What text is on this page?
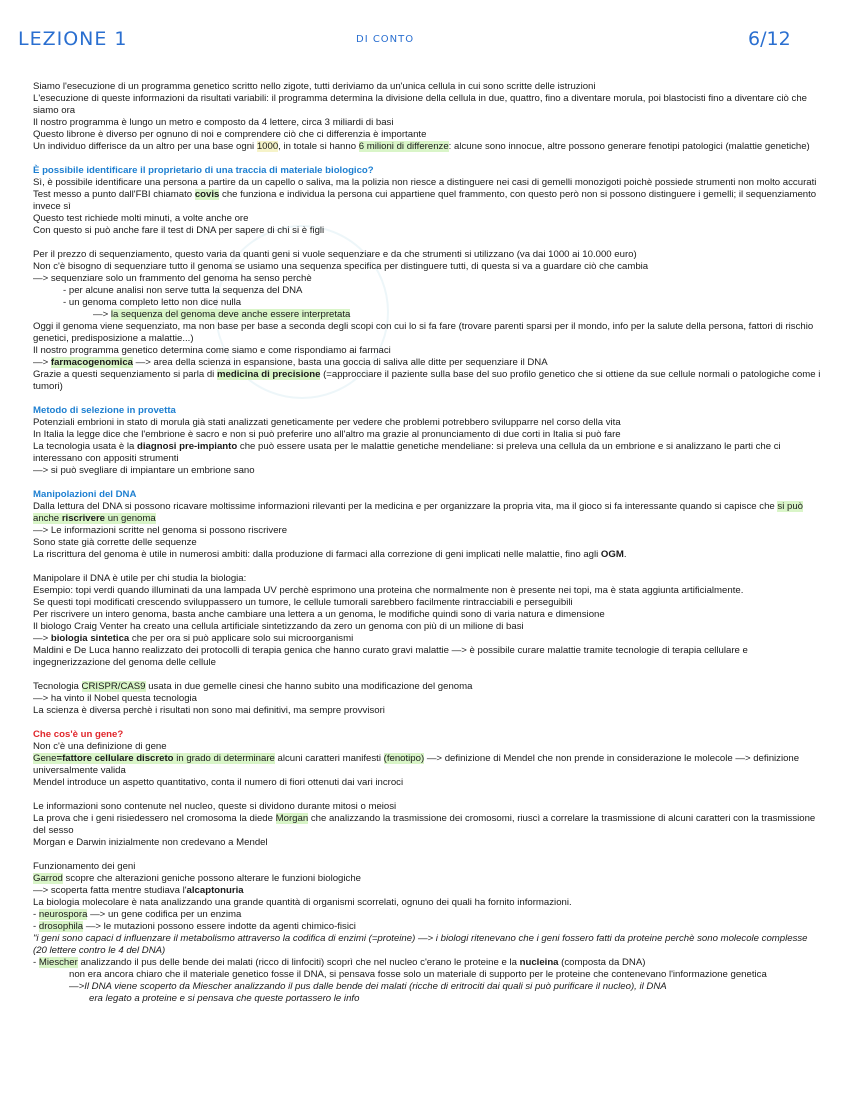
LEZIONE 1	DI CONTO	6/12

Siamo l'esecuzione di un programma genetico scritto nello zigote, tutti deriviamo da un'unica cellula in cui sono scritte delle istruzioni

L'esecuzione di queste informazioni da risultati variabili: il programma determina la divisione della cellula in due, quattro, fino a diventare morula, poi blastocisti fino a diventare ciò che siamo ora

Il nostro programma è lungo un metro e composto da 4 lettere, circa 3 miliardi di basi

Questo librone è diverso per ognuno di noi e comprendere ciò che ci differenzia è importante

Un individuo differisce da un altro per una base ogni 1000, in totale si hanno 6 milioni di differenze: alcune sono innocue, altre possono generare fenotipi patologici (malattie genetiche)

È possibile identificare il proprietario di una traccia di materiale biologico?

Sì, è possibile identificare una persona a partire da un capello o saliva, ma la polizia non riesce a distinguere nei casi di gemelli monozigoti poichè possiede strumenti non molto accurati

Test messo a punto dall'FBI chiamato covis che funziona e individua la persona cui appartiene quel frammento, con questo però non si possono distinguere i gemelli; il sequenziamento invece sì

Questo test richiede molti minuti, a volte anche ore

Con questo si può anche fare il test di DNA per sapere di chi si è figli

Per il prezzo di sequenziamento, questo varia da quanti geni si vuole sequenziare e da che strumenti si utilizzano (va dai 1000 ai 10.000 euro)

Non c'è bisogno di sequenziare tutto il genoma se usiamo una sequenza specifica per distinguere tutti, di questa si va a guardare ciò che cambia

—> sequenziare solo un frammento del genoma ha senso perchè

- per alcune analisi non serve tutta la sequenza del DNA

- un genoma completo letto non dice nulla

—> la sequenza del genoma deve anche essere interpretata

Oggi il genoma viene sequenziato, ma non base per base a seconda degli scopi con cui lo si fa fare (trovare parenti sparsi per il mondo, info per la salute della persona, fattori di rischio genetici, predisposizione a malattie...)

Il nostro programma genetico determina come siamo e come rispondiamo ai farmaci

—> farmacogenomica —> area della scienza in espansione, basta una goccia di saliva alle ditte per sequenziare il DNA

Grazie a questi sequenziamento si parla di medicina di precisione (=approcciare il paziente sulla base del suo profilo genetico che si ottiene da sue cellule normali o patologiche come i tumori)

Metodo di selezione in provetta

Potenziali embrioni in stato di morula già stati analizzati geneticamente per vedere che problemi potrebbero svilupparre nel corso della vita

In Italia la legge dice che l'embrione è sacro e non si può preferire uno all'altro ma grazie al pronunciamento di due corti in Italia si può fare

La tecnologia usata è la diagnosi pre-impianto che può essere usata per le malattie genetiche mendeliane: si preleva una cellula da un embrione e si analizzano le parti che ci interessano con appositi strumenti

—> si può svegliare di impiantare un embrione sano

Manipolazioni del DNA

Dalla lettura del DNA si possono ricavare moltissime informazioni rilevanti per la medicina e per organizzare la propria vita, ma il gioco si fa interessante quando si capisce che si può anche riscrivere un genoma

—> Le informazioni scritte nel genoma si possono riscrivere

Sono state già corrette delle sequenze

La riscrittura del genoma è utile in numerosi ambiti: dalla produzione di farmaci alla correzione di geni implicati nelle malattie, fino agli OGM.

Manipolare il DNA è utile per chi studia la biologia:

Esempio: topi verdi quando illuminati da una lampada UV perchè esprimono una proteina che normalmente non è presente nei topi, ma è stata aggiunta artificialmente.

Se questi topi modificati crescendo sviluppassero un tumore, le cellule tumorali sarebbero facilmente rintracciabili e perseguibili

Per riscrivere un intero genoma, basta anche cambiare una lettera a un genoma, le modifiche quindi sono di varia natura e dimensione

Il biologo Craig Venter ha creato una cellula artificiale sintetizzando da zero un genoma con più di un milione di basi

—> biologia sintetica che per ora si può applicare solo sui microorganismi

Maldini e De Luca hanno realizzato dei protocolli di terapia genica che hanno curato gravi malattie —> è possibile curare malattie tramite tecnologie di terapia cellulare e ingegnerizzazione del genoma delle cellule

Tecnologia CRISPR/CAS9 usata in due gemelle cinesi che hanno subito una modificazione del genoma

—> ha vinto il Nobel questa tecnologia

La scienza è diversa perchè i risultati non sono mai definitivi, ma sempre provvisori

Che cos'è un gene?

Non c'è una definizione di gene

Gene=fattore cellulare discreto in grado di determinare alcuni caratteri manifesti (fenotipo) —> definizione di Mendel che non prende in considerazione le molecole —> definizione universalmente valida

Mendel introduce un aspetto quantitativo, conta il numero di fiori ottenuti dai vari incroci

Le informazioni sono contenute nel nucleo, queste si dividono durante mitosi o meiosi

La prova che i geni risiedessero nel cromosoma la diede Morgan che analizzando la trasmissione dei cromosomi, riuscì a correlare la trasmissione di alcuni caratteri con la trasmissione del sesso

Morgan e Darwin inizialmente non credevano a Mendel

Funzionamento dei geni

Garrod scopre che alterazioni geniche possono alterare le funzioni biologiche

—> scoperta fatta mentre studiava l'alcaptonuria

La biologia molecolare è nata analizzando una grande quantità di organismi scorrelati, ognuno dei quali ha fornito informazioni.

- neurospora —> un gene codifica per un enzima

- drosophila —> le mutazioni possono essere indotte da agenti chimico-fisici

"i geni sono capaci d influenzare il metabolismo attraverso la codifica di enzimi (=proteine) —> i biologi ritenevano che i geni fossero fatti da proteine perchè sono molecole complesse (20 lettere contro le 4 del DNA)

- Miescher analizzando il pus delle bende dei malati (ricco di linfociti) scoprì che nel nucleo c'erano le proteine e la nucleina (composta da DNA)

non era ancora chiaro che il materiale genetico fosse il DNA, si pensava fosse solo un materiale di supporto per le proteine che contenevano l'informazione genetica

—>Il DNA viene scoperto da Miescher analizzando il pus dalle bende dei malati (ricche di eritrociti dai quali si può purificare il nucleo), il DNA

era legato a proteine e si pensava che queste portassero le info
